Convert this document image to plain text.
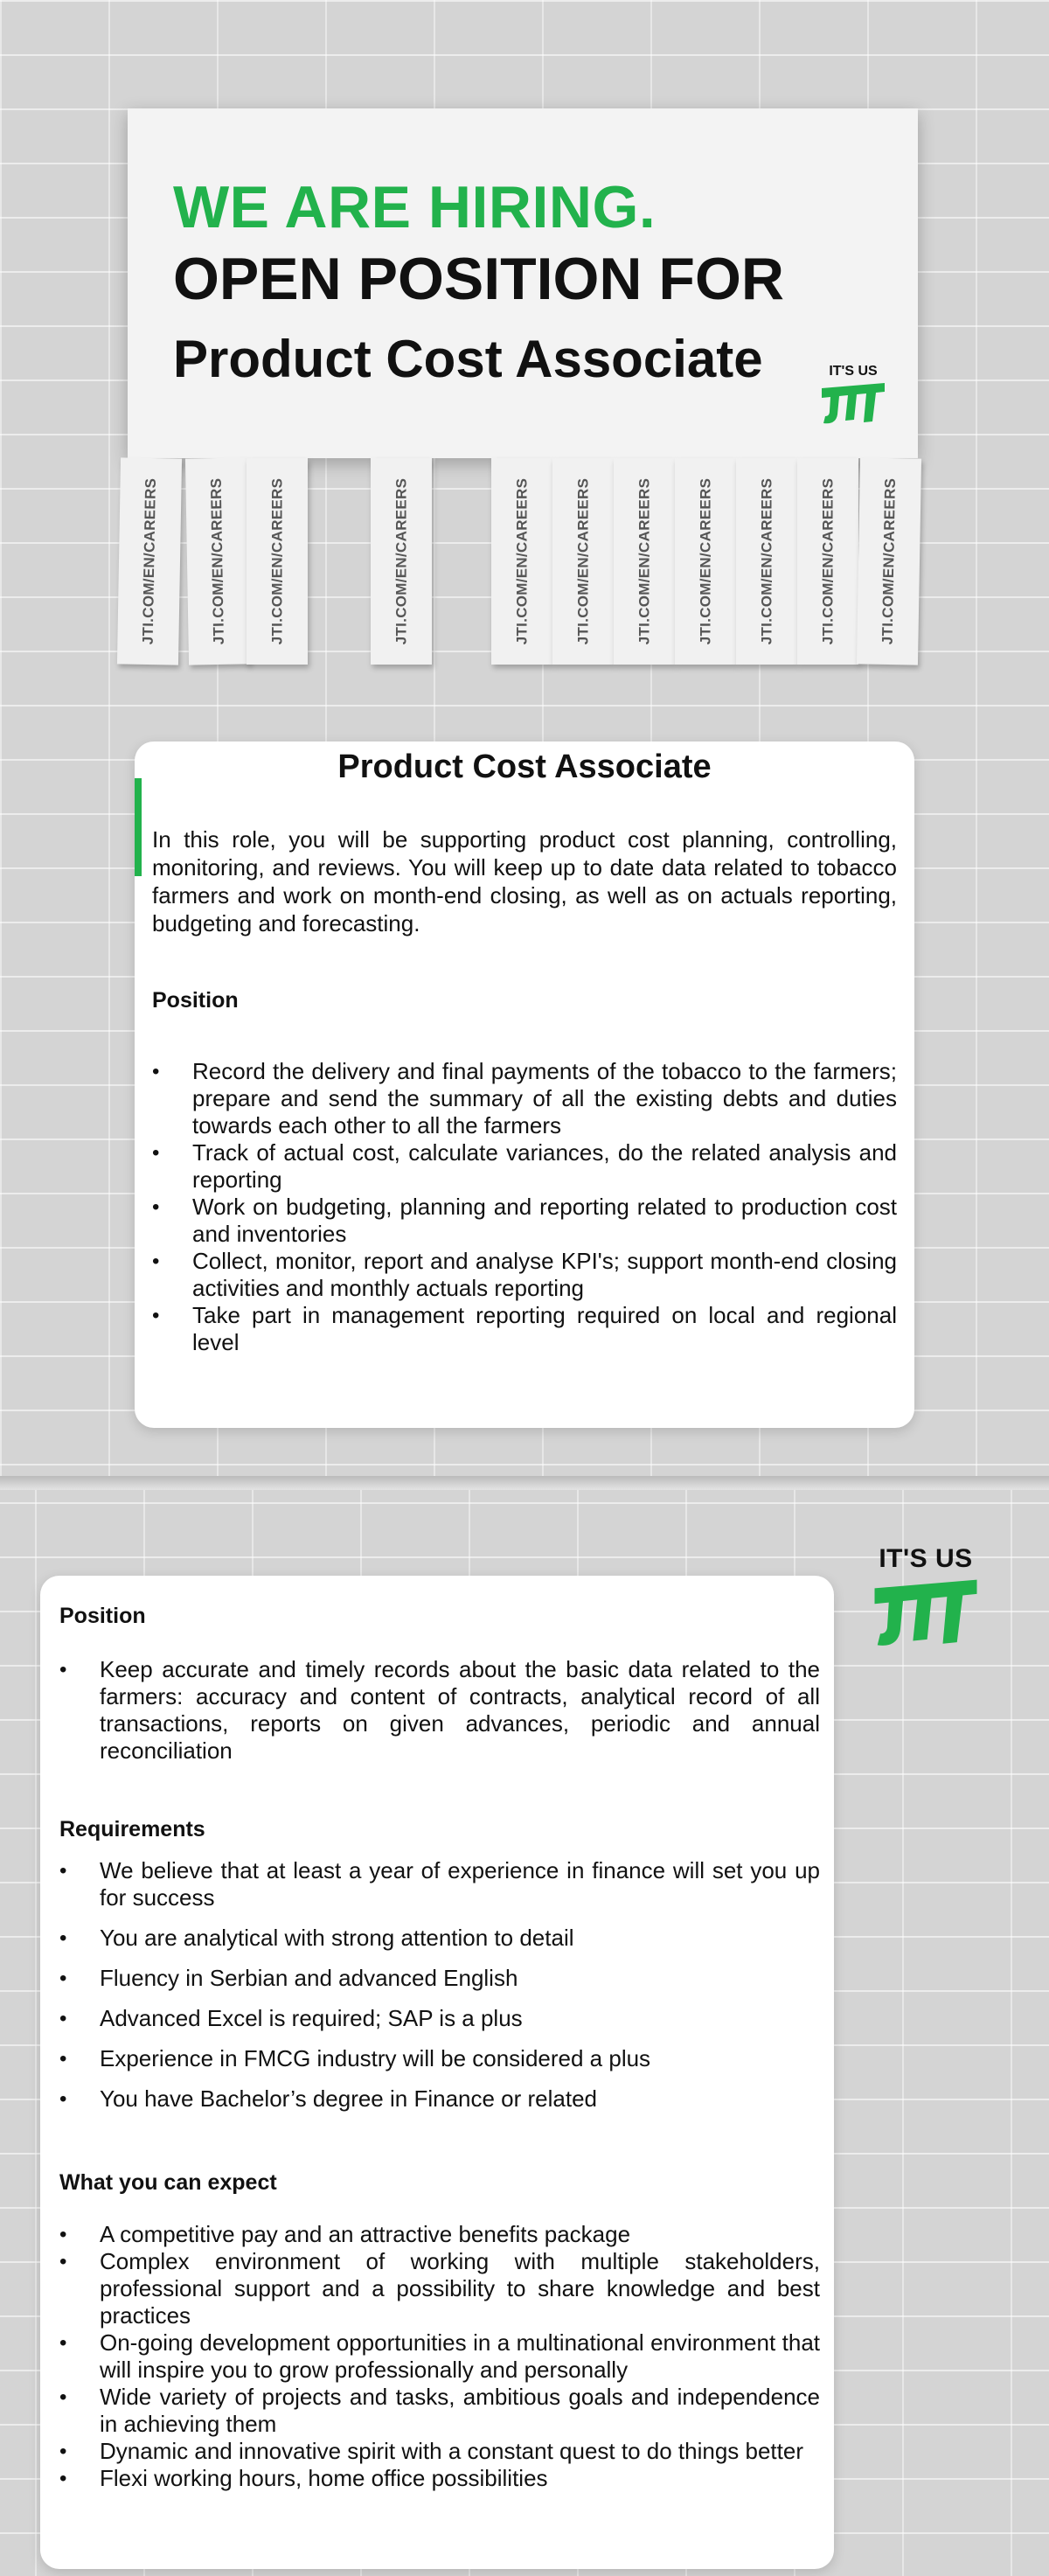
WE ARE HIRING.
OPEN POSITION FOR
Product Cost Associate	IT'S US
JTI.COM/EN/CAREERS	JTI.COM/EN/CAREERS	JTI.COM/EN/CAREERS	JTI.COM/EN/CAREERS	JTI.COM/EN/CAREERS	JTI.COM/EN/CAREERS	JTI.COM/EN/CAREERS	JTI.COM/EN/CAREERS	JTI.COM/EN/CAREERS	JTI.COM/EN/CAREERS	JTI.COM/EN/CAREERS
Product Cost Associate

In this role, you will be supporting product cost planning, controlling, monitoring, and reviews. You will keep up to date data related to tobacco farmers and work on month-end closing, as well as on actuals reporting, budgeting and forecasting.

Position
• Record the delivery and final payments of the tobacco to the farmers; prepare and send the summary of all the existing debts and duties towards each other to all the farmers
• Track of actual cost, calculate variances, do the related analysis and reporting
• Work on budgeting, planning and reporting related to production cost and inventories
• Collect, monitor, report and analyse KPI's; support month-end closing activities and monthly actuals reporting
• Take part in management reporting required on local and regional level
IT'S US
Position
• Keep accurate and timely records about the basic data related to the farmers: accuracy and content of contracts, analytical record of all transactions, reports on given advances, periodic and annual reconciliation
Requirements
• We believe that at least a year of experience in finance will set you up for success
• You are analytical with strong attention to detail
• Fluency in Serbian and advanced English
• Advanced Excel is required; SAP is a plus
• Experience in FMCG industry will be considered a plus
• You have Bachelor’s degree in Finance or related
What you can expect
• A competitive pay and an attractive benefits package
• Complex environment of working with multiple stakeholders, professional support and a possibility to share knowledge and best practices
• On-going development opportunities in a multinational environment that will inspire you to grow professionally and personally
• Wide variety of projects and tasks, ambitious goals and independence in achieving them
• Dynamic and innovative spirit with a constant quest to do things better
• Flexi working hours, home office possibilities
